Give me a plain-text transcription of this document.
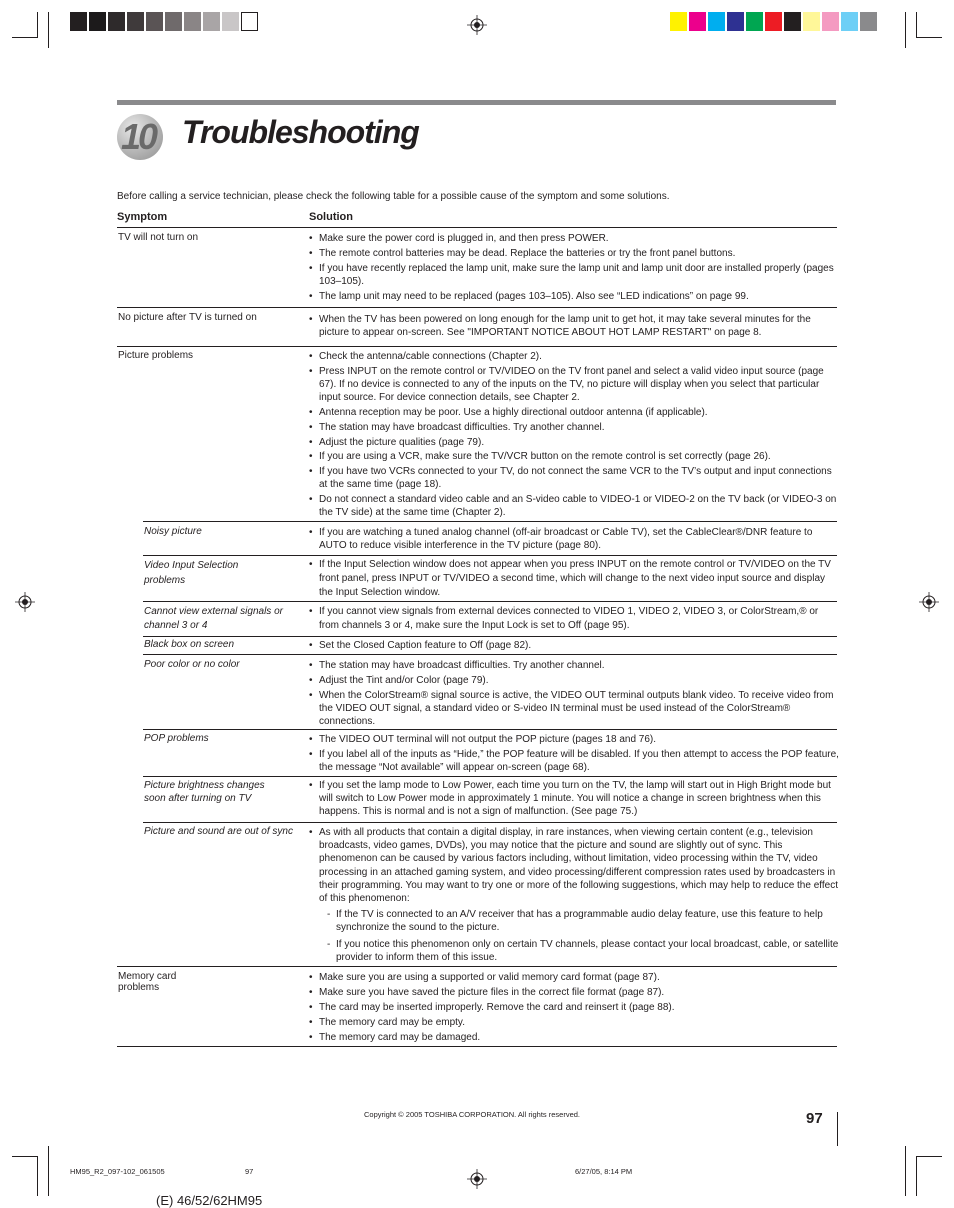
10 Troubleshooting
Before calling a service technician, please check the following table for a possible cause of the symptom and some solutions.
Symptom	Solution
TV will not turn on	• Make sure the power cord is plugged in, and then press POWER.
• The remote control batteries may be dead. Replace the batteries or try the front panel buttons.
• If you have recently replaced the lamp unit, make sure the lamp unit and lamp unit door are installed properly (pages 103–105).
• The lamp unit may need to be replaced (pages 103–105). Also see “LED indications” on page 99.
No picture after TV is turned on	• When the TV has been powered on long enough for the lamp unit to get hot, it may take several minutes for the picture to appear on-screen. See "IMPORTANT NOTICE ABOUT HOT LAMP RESTART" on page 8.
Picture problems	• Check the antenna/cable connections (Chapter 2).
• Press INPUT on the remote control or TV/VIDEO on the TV front panel and select a valid video input source (page 67). If no device is connected to any of the inputs on the TV, no picture will display when you select that particular input source. For device connection details, see Chapter 2.
• Antenna reception may be poor. Use a highly directional outdoor antenna (if applicable).
• The station may have broadcast difficulties. Try another channel.
• Adjust the picture qualities (page 79).
• If you are using a VCR, make sure the TV/VCR button on the remote control is set correctly (page 26).
• If you have two VCRs connected to your TV, do not connect the same VCR to the TV’s output and input connections at the same time (page 18).
• Do not connect a standard video cable and an S-video cable to VIDEO-1 or VIDEO-2 on the TV back (or VIDEO-3 on the TV side) at the same time (Chapter 2).
Noisy picture	• If you are watching a tuned analog channel (off-air broadcast or Cable TV), set the CableClear®/DNR feature to AUTO to reduce visible interference in the TV picture (page 80).
Video Input Selection problems
• If the Input Selection window does not appear when you press INPUT on the remote control or TV/VIDEO on the TV front panel, press INPUT or TV/VIDEO a second time, which will change to the next video input source and display the Input Selection window.
Cannot view external signals or channel 3 or 4
• If you cannot view signals from external devices connected to VIDEO 1, VIDEO 2, VIDEO 3, or ColorStream,® or from channels 3 or 4, make sure the Input Lock is set to Off (page 95).
Black box on screen	• Set the Closed Caption feature to Off (page 82).
Poor color or no color	• The station may have broadcast difficulties. Try another channel.
• Adjust the Tint and/or Color (page 79).
• When the ColorStream® signal source is active, the VIDEO OUT terminal outputs blank video. To receive video from the VIDEO OUT signal, a standard video or S-video IN terminal must be used instead of the ColorStream® connections.
POP problems	• The VIDEO OUT terminal will not output the POP picture (pages 18 and 76).
• If you label all of the inputs as “Hide,” the POP feature will be disabled. If you then attempt to access the POP feature, the message “Not available” will appear on-screen (page 68).
Picture brightness changes soon after turning on TV
• If you set the lamp mode to Low Power, each time you turn on the TV, the lamp will start out in High Bright mode but will switch to Low Power mode in approximately 1 minute. You will notice a change in screen brightness when this happens. This is normal and is not a sign of malfunction. (See page 75.)
Picture and sound are out of sync	• As with all products that contain a digital display, in rare instances, when viewing certain content (e.g., television broadcasts, video games, DVDs), you may notice that the picture and sound are slightly out of sync. This phenomenon can be caused by various factors including, without limitation, video processing within the TV, video processing in an attached gaming system, and video processing/different compression rates used by broadcasters in their programming. You may want to try one or more of the following suggestions, which may help to reduce the effect of this phenomenon:
- If the TV is connected to an A/V receiver that has a programmable audio delay feature, use this feature to help synchronize the sound to the picture.
- If you notice this phenomenon only on certain TV channels, please contact your local broadcast, cable, or satellite provider to inform them of this issue.
Memory card problems
• Make sure you are using a supported or valid memory card format (page 87).
• Make sure you have saved the picture files in the correct file format (page 87).
• The card may be inserted improperly. Remove the card and reinsert it (page 88).
• The memory card may be empty.
• The memory card may be damaged.
Copyright © 2005 TOSHIBA CORPORATION. All rights reserved.	97
HM95_R2_097-102_061505	97	6/27/05, 8:14 PM
(E) 46/52/62HM95
